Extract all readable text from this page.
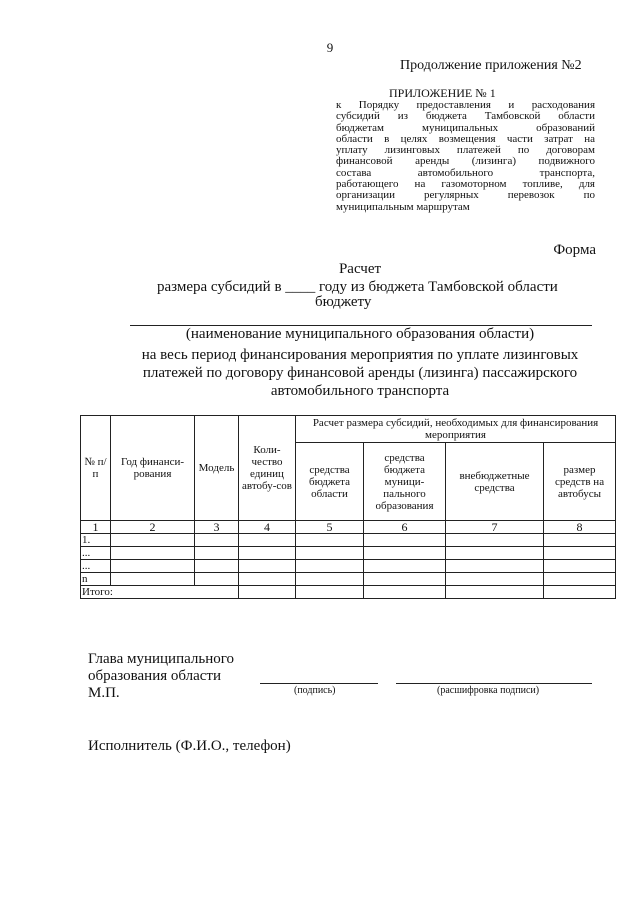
9
Продолжение приложения №2
ПРИЛОЖЕНИЕ № 1
к Порядку предоставления и расходования
субсидий из бюджета Тамбовской области
бюджетам муниципальных образований
области в целях возмещения части затрат на
уплату лизинговых платежей по договорам
финансовой аренды (лизинга) подвижного
состава автомобильного транспорта,
работающего на газомоторном топливе, для
организации регулярных перевозок по
муниципальным маршрутам
Форма
Расчет
размера субсидий в ____ году из бюджета Тамбовской области
бюджету
(наименование муниципального образования области)
на весь период финансирования мероприятия по уплате лизинговых
платежей по договору финансовой аренды (лизинга) пассажирского
автомобильного транспорта
№ п/п	Год финанси-рования	Модель	Коли-чество единиц автобу-сов	Расчет размера субсидий, необходимых для финансирования мероприятия			
				средства бюджета области	средства бюджета муници-пального образования	внебюджетные средства	размер средств на автобусы
1	2	3	4	5	6	7	8
1.							
...							
...							
n							
Итого:							
Глава муниципального
образования области
М.П.	(подпись)	(расшифровка подписи)
Исполнитель (Ф.И.О., телефон)
